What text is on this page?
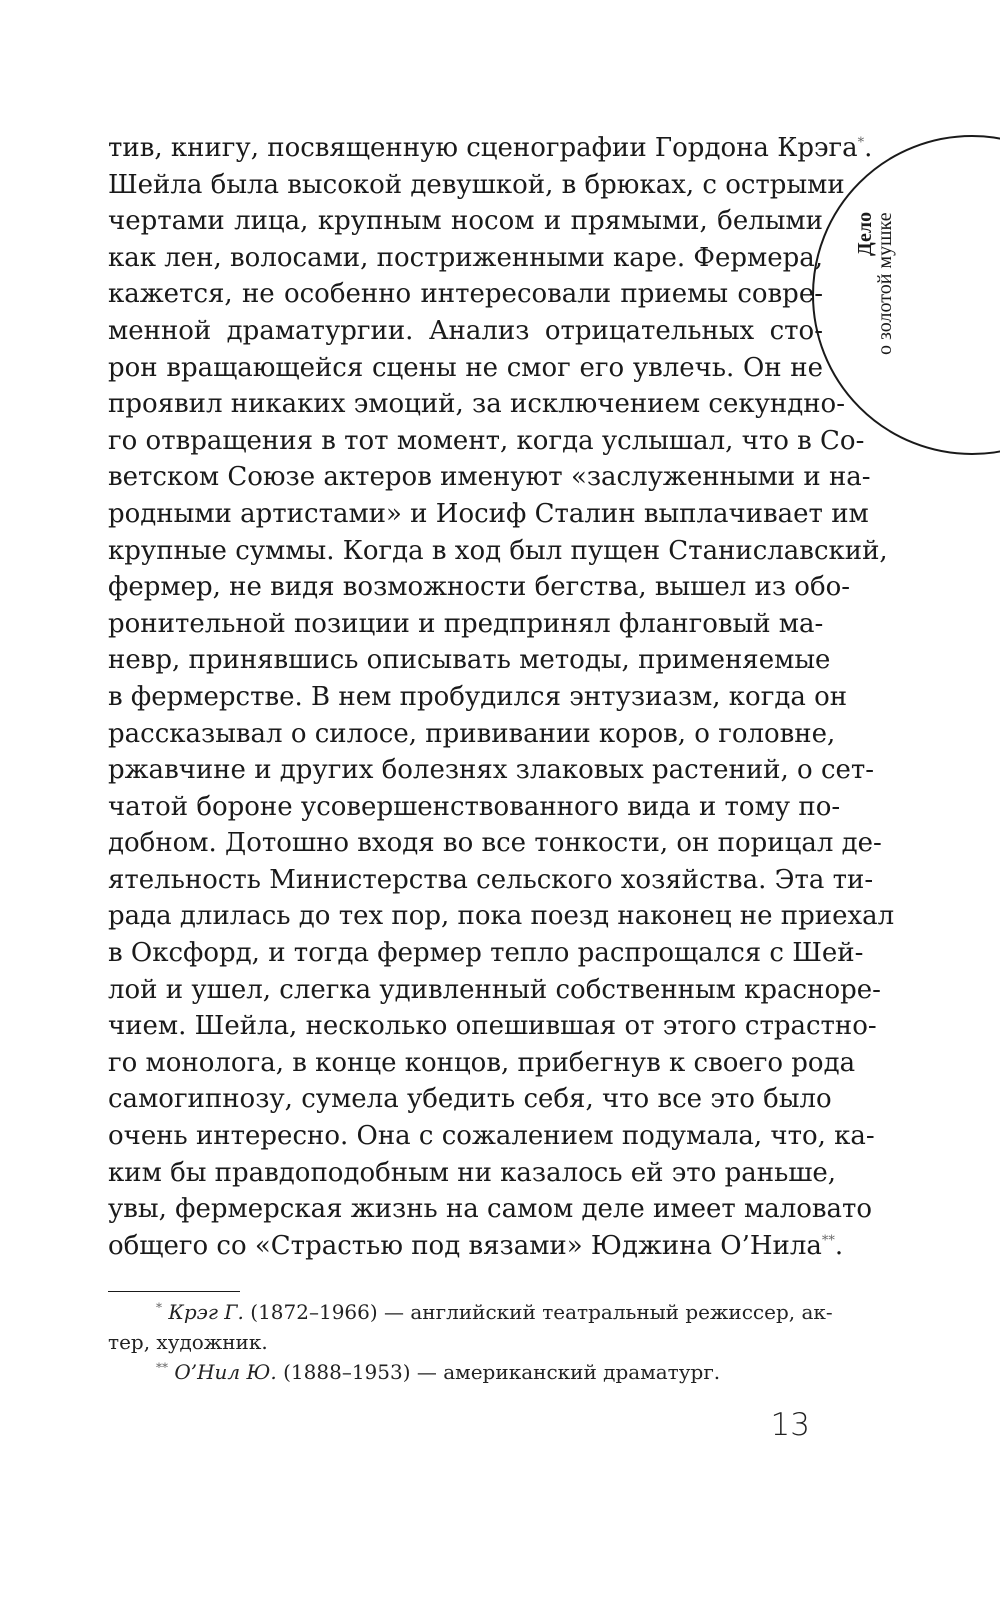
Дело
о золотой мушке
тив, книгу, посвященную сценографии Гордона Крэга*.
Шейла была высокой девушкой, в брюках, с острыми
чертами лица, крупным носом и прямыми, белыми
как лен, волосами, постриженными каре. Фермера,
кажется, не особенно интересовали приемы совре-
менной драматургии. Анализ отрицательных сто-
рон вращающейся сцены не смог его увлечь. Он не
проявил никаких эмоций, за исключением секундно-
го отвращения в тот момент, когда услышал, что в Со-
ветском Союзе актеров именуют «заслуженными и на-
родными артистами» и Иосиф Сталин выплачивает им
крупные суммы. Когда в ход был пущен Станиславский,
фермер, не видя возможности бегства, вышел из обо-
ронительной позиции и предпринял фланговый ма-
невр, принявшись описывать методы, применяемые
в фермерстве. В нем пробудился энтузиазм, когда он
рассказывал о силосе, прививании коров, о головне,
ржавчине и других болезнях злаковых растений, о сет-
чатой бороне усовершенствованного вида и тому по-
добном. Дотошно входя во все тонкости, он порицал де-
ятельность Министерства сельского хозяйства. Эта ти-
рада длилась до тех пор, пока поезд наконец не приехал
в Оксфорд, и тогда фермер тепло распрощался с Шей-
лой и ушел, слегка удивленный собственным красноре-
чием. Шейла, несколько опешившая от этого страстно-
го монолога, в конце концов, прибегнув к своего рода
самогипнозу, сумела убедить себя, что все это было
очень интересно. Она с сожалением подумала, что, ка-
ким бы правдоподобным ни казалось ей это раньше,
увы, фермерская жизнь на самом деле имеет маловато
общего со «Страстью под вязами» Юджина О’Нила**.
* Крэг Г. (1872–1966) — английский театральный режиссер, ак-
тер, художник.
** О’Нил Ю. (1888–1953) — американский драматург.
13
